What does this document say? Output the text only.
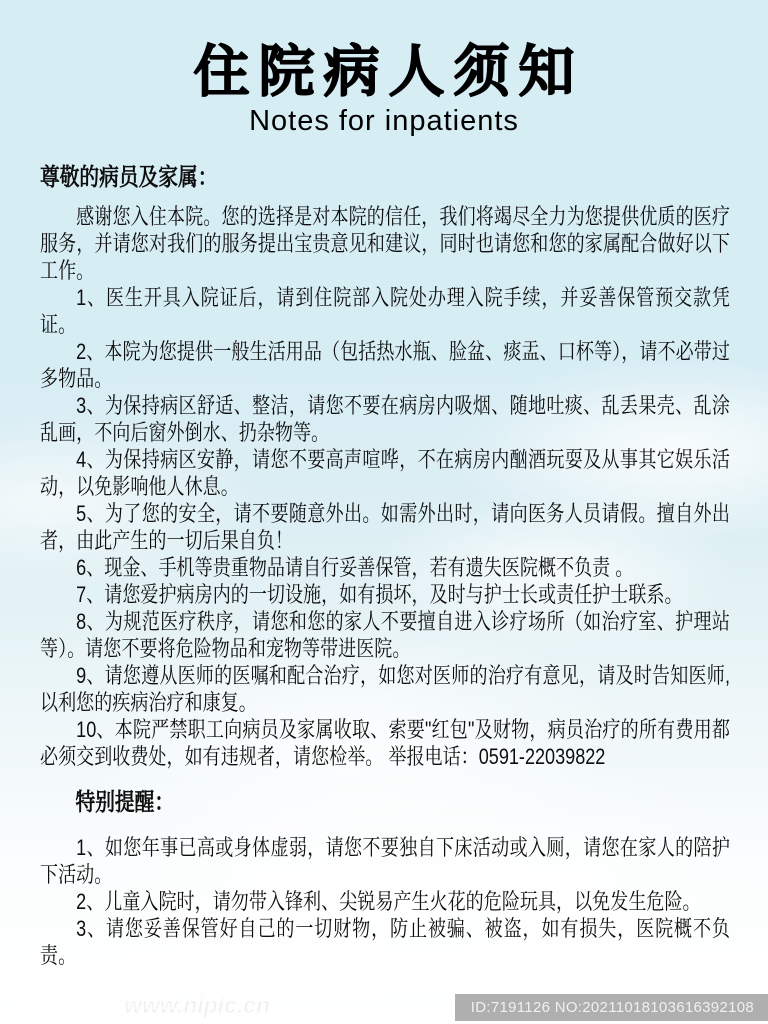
住院病人须知
Notes for inpatients
尊敬的病员及家属：

感谢您入住本院。您的选择是对本院的信任，我们将竭尽全力为您提供优质的医疗服务，并请您对我们的服务提出宝贵意见和建议，同时也请您和您的家属配合做好以下工作。

1、医生开具入院证后，请到住院部入院处办理入院手续，并妥善保管预交款凭证。

2、本院为您提供一般生活用品（包括热水瓶、脸盆、痰盂、口杯等），请不必带过多物品。

3、为保持病区舒适、整洁，请您不要在病房内吸烟、随地吐痰、乱丢果壳、乱涂乱画，不向后窗外倒水、扔杂物等。

4、为保持病区安静，请您不要高声喧哗，不在病房内酗酒玩耍及从事其它娱乐活动，以免影响他人休息。

5、为了您的安全，请不要随意外出。如需外出时，请向医务人员请假。擅自外出者，由此产生的一切后果自负！

6、现金、手机等贵重物品请自行妥善保管，若有遗失医院概不负责 。

7、请您爱护病房内的一切设施，如有损坏，及时与护士长或责任护士联系。

8、为规范医疗秩序，请您和您的家人不要擅自进入诊疗场所（如治疗室、护理站等）。请您不要将危险物品和宠物等带进医院。

9、请您遵从医师的医嘱和配合治疗，如您对医师的治疗有意见，请及时告知医师,以利您的疾病治疗和康复。

10、本院严禁职工向病员及家属收取、索要"红包"及财物，病员治疗的所有费用都必须交到收费处，如有违规者，请您检举。 举报电话：0591-22039822

特别提醒：

1、如您年事已高或身体虚弱，请您不要独自下床活动或入厕，请您在家人的陪护下活动。

2、儿童入院时，请勿带入锋利、尖锐易产生火花的危险玩具，以免发生危险。

3、请您妥善保管好自己的一切财物，防止被骗、被盗，如有损失，医院概不负责。

昵享网 www.nipic.cn	ID:7191126 NO:20211018103616392108
